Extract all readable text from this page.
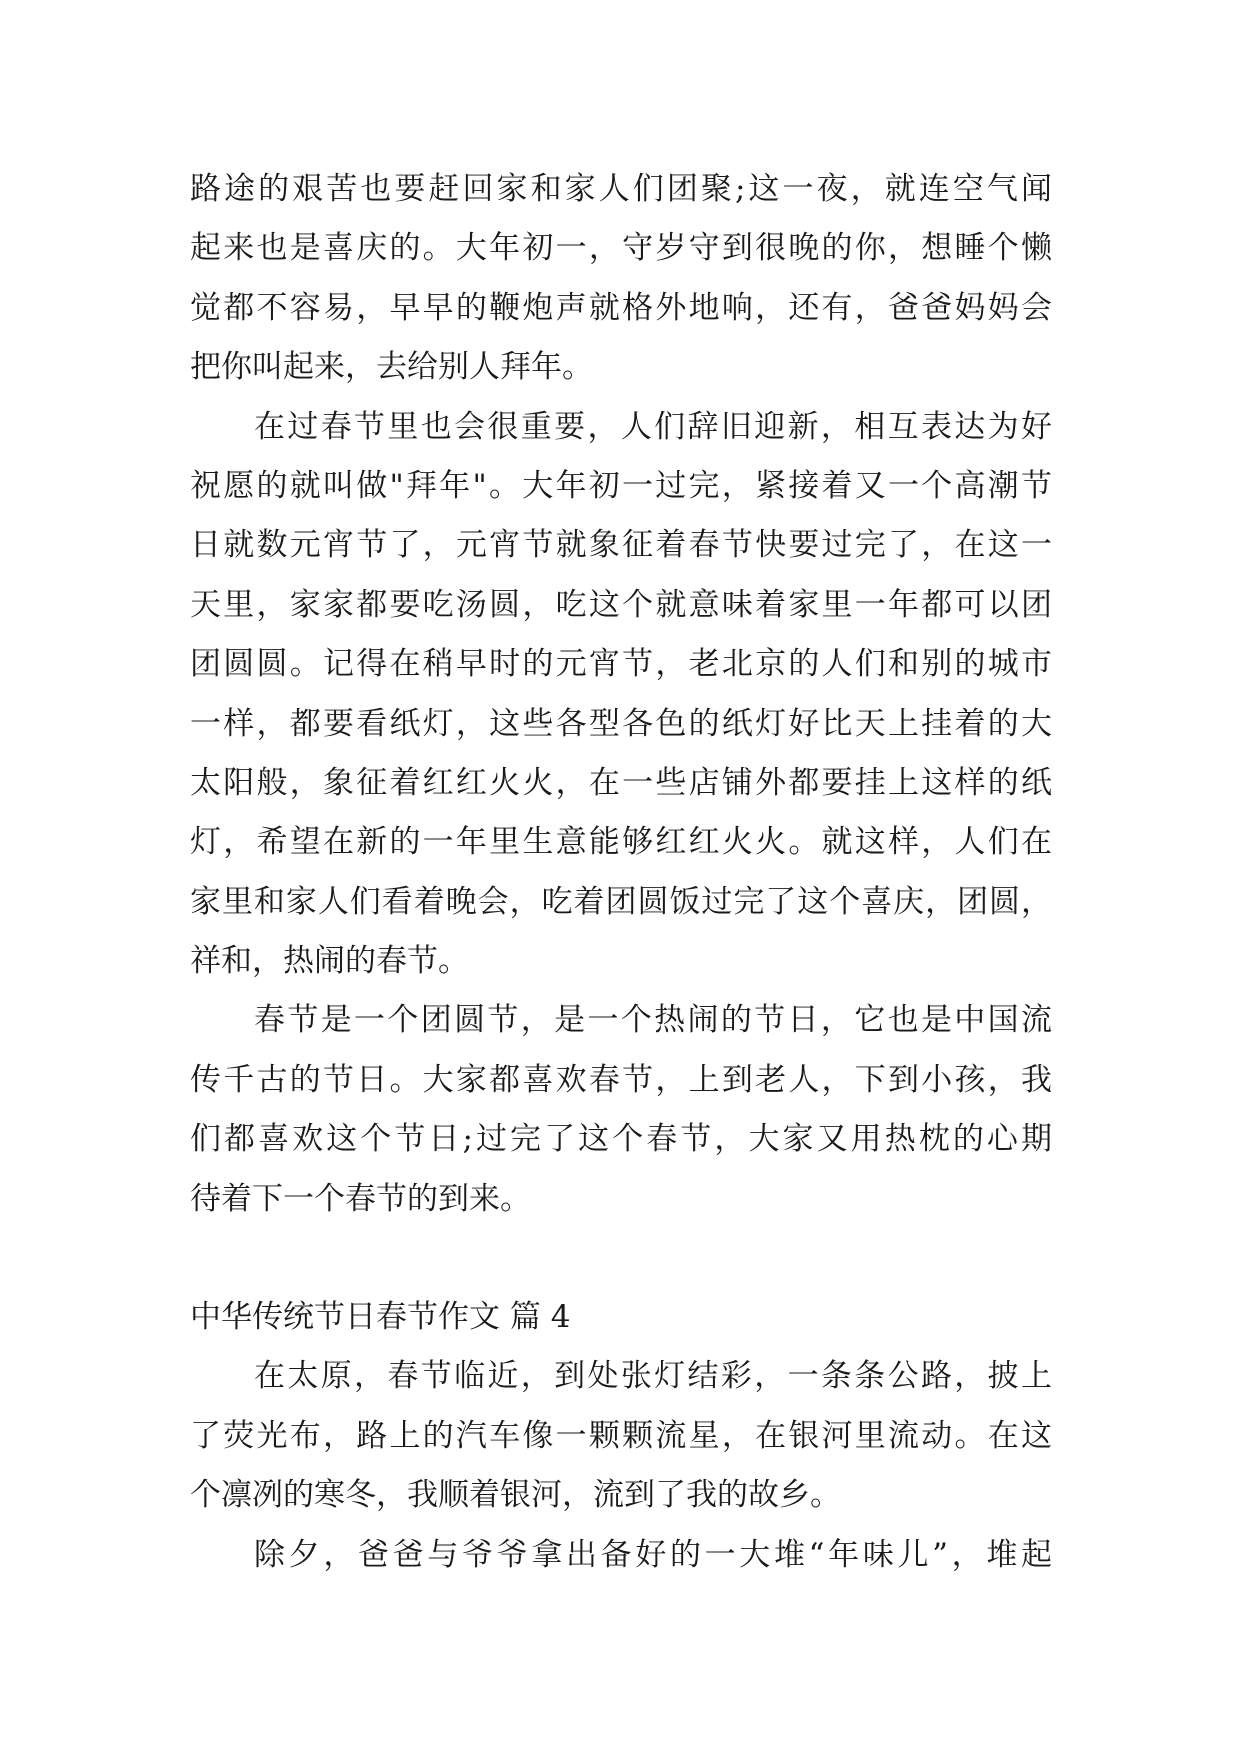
路途的艰苦也要赶回家和家人们团聚;这一夜，就连空气闻
起来也是喜庆的。大年初一，守岁守到很晚的你，想睡个懒
觉都不容易，早早的鞭炮声就格外地响，还有，爸爸妈妈会
把你叫起来，去给别人拜年。

在过春节里也会很重要，人们辞旧迎新，相互表达为好
祝愿的就叫做"拜年"。大年初一过完，紧接着又一个高潮节
日就数元宵节了，元宵节就象征着春节快要过完了，在这一
天里，家家都要吃汤圆，吃这个就意味着家里一年都可以团
团圆圆。记得在稍早时的元宵节，老北京的人们和别的城市
一样，都要看纸灯，这些各型各色的纸灯好比天上挂着的大
太阳般，象征着红红火火，在一些店铺外都要挂上这样的纸
灯，希望在新的一年里生意能够红红火火。就这样，人们在
家里和家人们看着晚会，吃着团圆饭过完了这个喜庆，团圆，
祥和，热闹的春节。

春节是一个团圆节，是一个热闹的节日，它也是中国流
传千古的节日。大家都喜欢春节，上到老人，下到小孩，我
们都喜欢这个节日;过完了这个春节，大家又用热枕的心期
待着下一个春节的到来。

中华传统节日春节作文 篇 4

在太原，春节临近，到处张灯结彩，一条条公路，披上
了荧光布，路上的汽车像一颗颗流星，在银河里流动。在这
个凛冽的寒冬，我顺着银河，流到了我的故乡。

除夕，爸爸与爷爷拿出备好的一大堆“年味儿”，堆起
